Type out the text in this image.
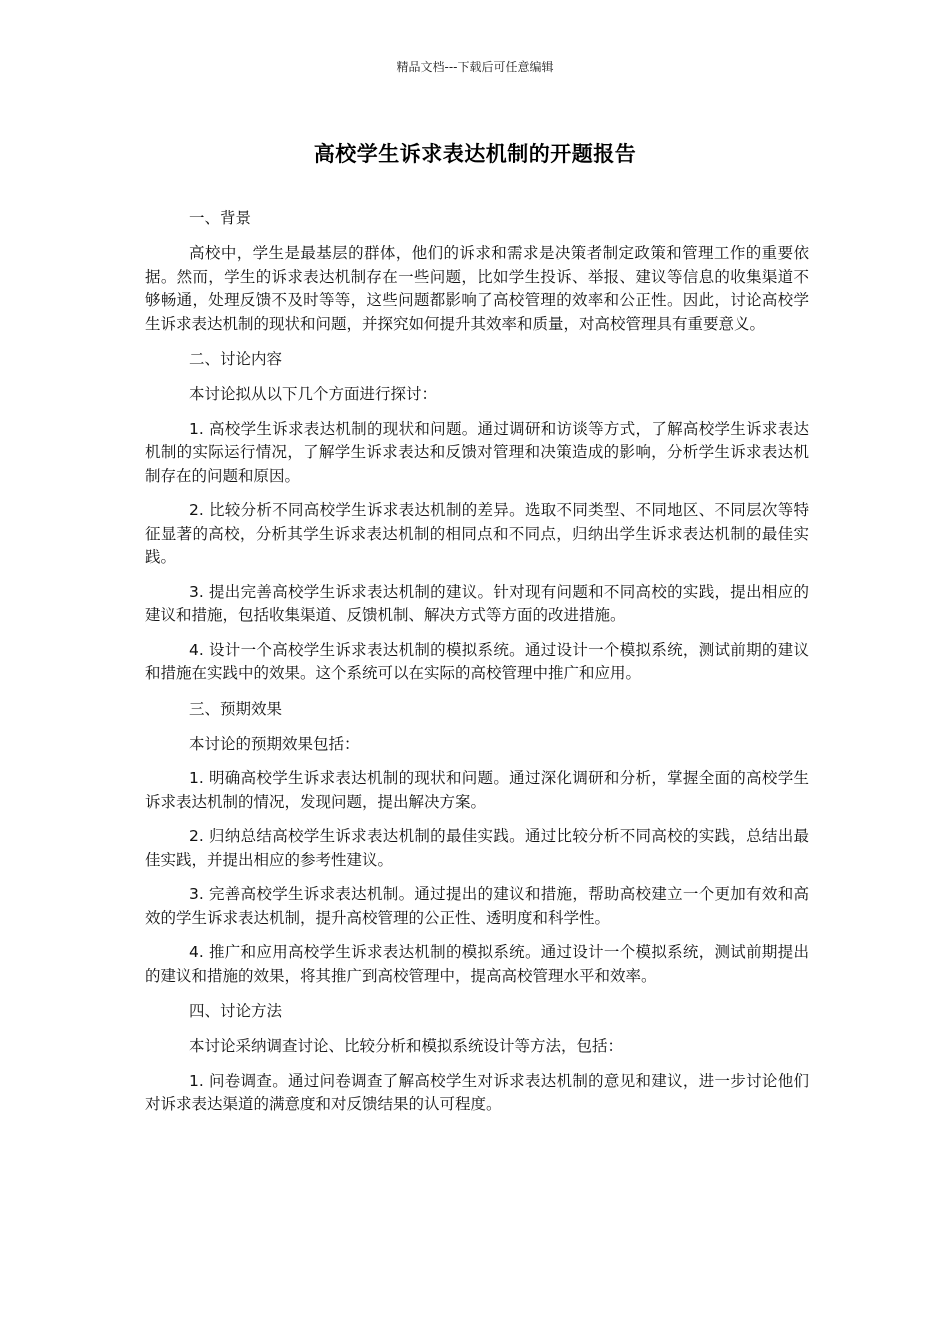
精品文档---下载后可任意编辑
高校学生诉求表达机制的开题报告
一、背景
高校中，学生是最基层的群体，他们的诉求和需求是决策者制定政策和管理工作的重要依据。然而，学生的诉求表达机制存在一些问题，比如学生投诉、举报、建议等信息的收集渠道不够畅通，处理反馈不及时等等，这些问题都影响了高校管理的效率和公正性。因此，讨论高校学生诉求表达机制的现状和问题，并探究如何提升其效率和质量，对高校管理具有重要意义。
二、讨论内容
本讨论拟从以下几个方面进行探讨：
1. 高校学生诉求表达机制的现状和问题。通过调研和访谈等方式，了解高校学生诉求表达机制的实际运行情况，了解学生诉求表达和反馈对管理和决策造成的影响，分析学生诉求表达机制存在的问题和原因。
2. 比较分析不同高校学生诉求表达机制的差异。选取不同类型、不同地区、不同层次等特征显著的高校，分析其学生诉求表达机制的相同点和不同点，归纳出学生诉求表达机制的最佳实践。
3. 提出完善高校学生诉求表达机制的建议。针对现有问题和不同高校的实践，提出相应的建议和措施，包括收集渠道、反馈机制、解决方式等方面的改进措施。
4. 设计一个高校学生诉求表达机制的模拟系统。通过设计一个模拟系统，测试前期的建议和措施在实践中的效果。这个系统可以在实际的高校管理中推广和应用。
三、预期效果
本讨论的预期效果包括：
1. 明确高校学生诉求表达机制的现状和问题。通过深化调研和分析，掌握全面的高校学生诉求表达机制的情况，发现问题，提出解决方案。
2. 归纳总结高校学生诉求表达机制的最佳实践。通过比较分析不同高校的实践，总结出最佳实践，并提出相应的参考性建议。
3. 完善高校学生诉求表达机制。通过提出的建议和措施，帮助高校建立一个更加有效和高效的学生诉求表达机制，提升高校管理的公正性、透明度和科学性。
4. 推广和应用高校学生诉求表达机制的模拟系统。通过设计一个模拟系统，测试前期提出的建议和措施的效果，将其推广到高校管理中，提高高校管理水平和效率。
四、讨论方法
本讨论采纳调查讨论、比较分析和模拟系统设计等方法，包括：
1. 问卷调查。通过问卷调查了解高校学生对诉求表达机制的意见和建议，进一步讨论他们对诉求表达渠道的满意度和对反馈结果的认可程度。
